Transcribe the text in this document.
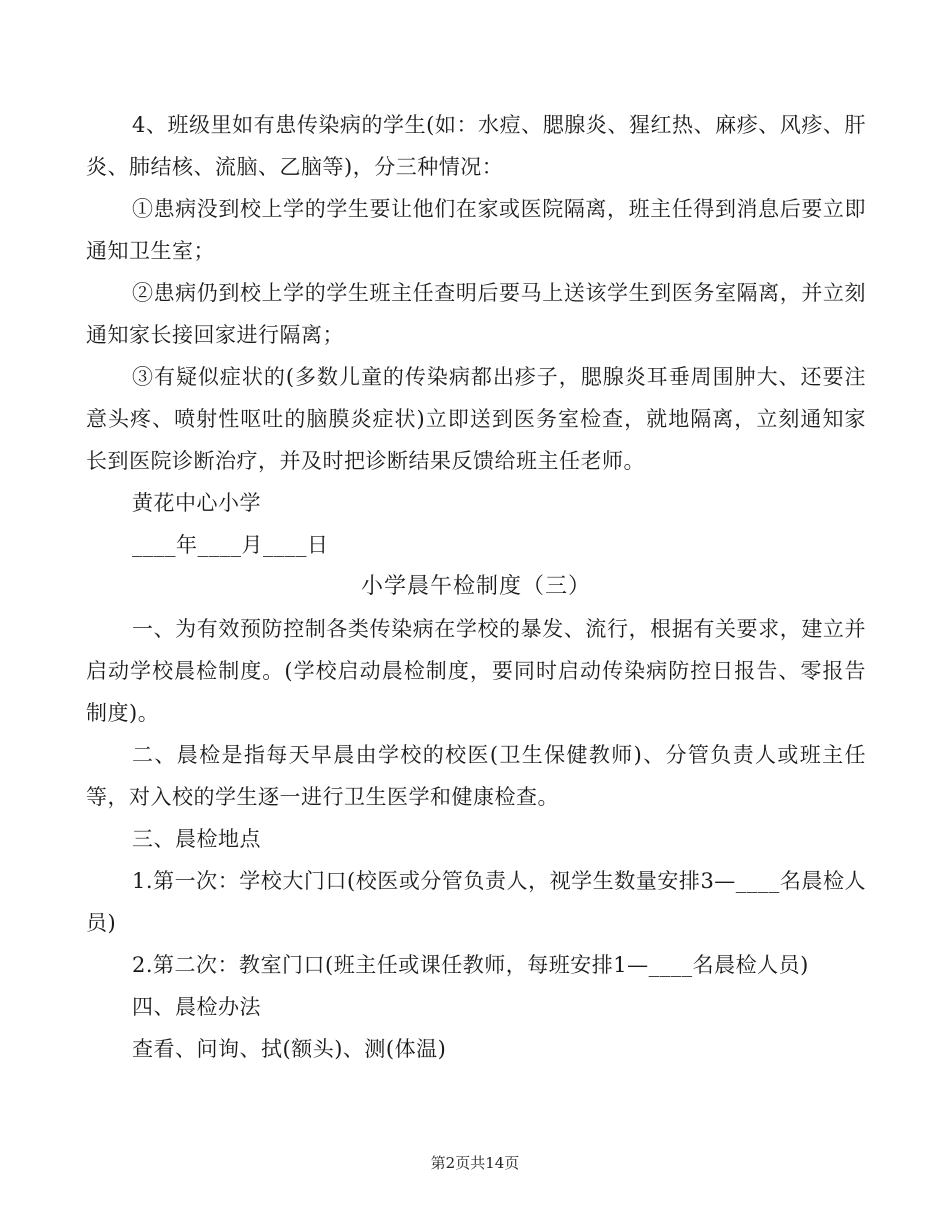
4、班级里如有患传染病的学生(如：水痘、腮腺炎、猩红热、麻疹、风疹、肝炎、肺结核、流脑、乙脑等)，分三种情况：

①患病没到校上学的学生要让他们在家或医院隔离，班主任得到消息后要立即通知卫生室；

②患病仍到校上学的学生班主任查明后要马上送该学生到医务室隔离，并立刻通知家长接回家进行隔离；

③有疑似症状的(多数儿童的传染病都出疹子，腮腺炎耳垂周围肿大、还要注意头疼、喷射性呕吐的脑膜炎症状)立即送到医务室检查，就地隔离，立刻通知家长到医院诊断治疗，并及时把诊断结果反馈给班主任老师。

黄花中心小学

____年____月____日

小学晨午检制度（三）

一、为有效预防控制各类传染病在学校的暴发、流行，根据有关要求，建立并启动学校晨检制度。(学校启动晨检制度，要同时启动传染病防控日报告、零报告制度)。

二、晨检是指每天早晨由学校的校医(卫生保健教师)、分管负责人或班主任等，对入校的学生逐一进行卫生医学和健康检查。

三、晨检地点

1.第一次：学校大门口(校医或分管负责人，视学生数量安排3—____名晨检人员)

2.第二次：教室门口(班主任或课任教师，每班安排1—____名晨检人员)

四、晨检办法

查看、问询、拭(额头)、测(体温)

第2页共14页
